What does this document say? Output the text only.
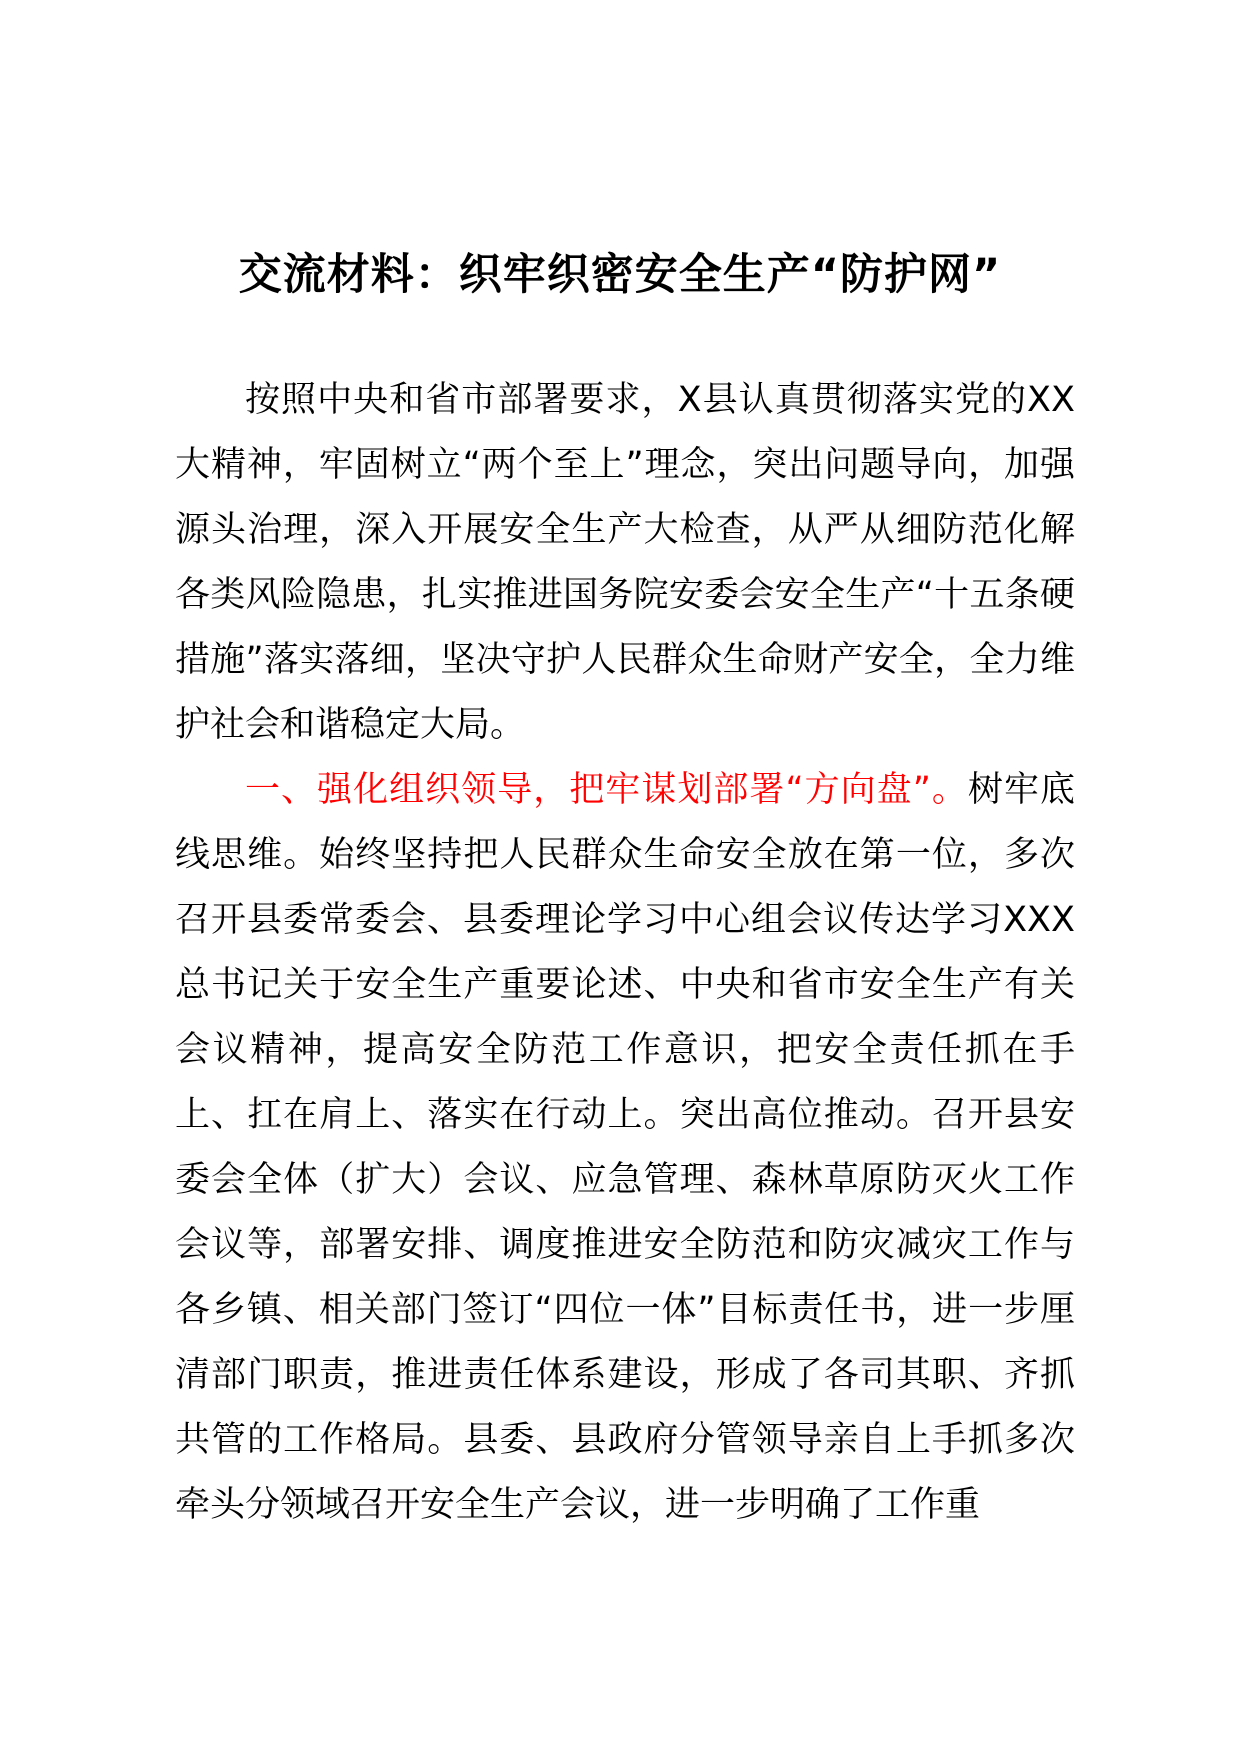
交流材料：织牢织密安全生产“防护网”

按照中央和省市部署要求，X县认真贯彻落实党的XX大精神，牢固树立“两个至上”理念，突出问题导向，加强源头治理，深入开展安全生产大检查，从严从细防范化解各类风险隐患，扎实推进国务院安委会安全生产“十五条硬措施”落实落细，坚决守护人民群众生命财产安全，全力维护社会和谐稳定大局。

一、强化组织领导，把牢谋划部署“方向盘”。树牢底线思维。始终坚持把人民群众生命安全放在第一位，多次召开县委常委会、县委理论学习中心组会议传达学习XXX总书记关于安全生产重要论述、中央和省市安全生产有关会议精神，提高安全防范工作意识，把安全责任抓在手上、扛在肩上、落实在行动上。突出高位推动。召开县安委会全体（扩大）会议、应急管理、森林草原防灭火工作会议等，部署安排、调度推进安全防范和防灾减灾工作与各乡镇、相关部门签订“四位一体”目标责任书，进一步厘清部门职责，推进责任体系建设，形成了各司其职、齐抓共管的工作格局。县委、县政府分管领导亲自上手抓多次牵头分领域召开安全生产会议，进一步明确了工作重
